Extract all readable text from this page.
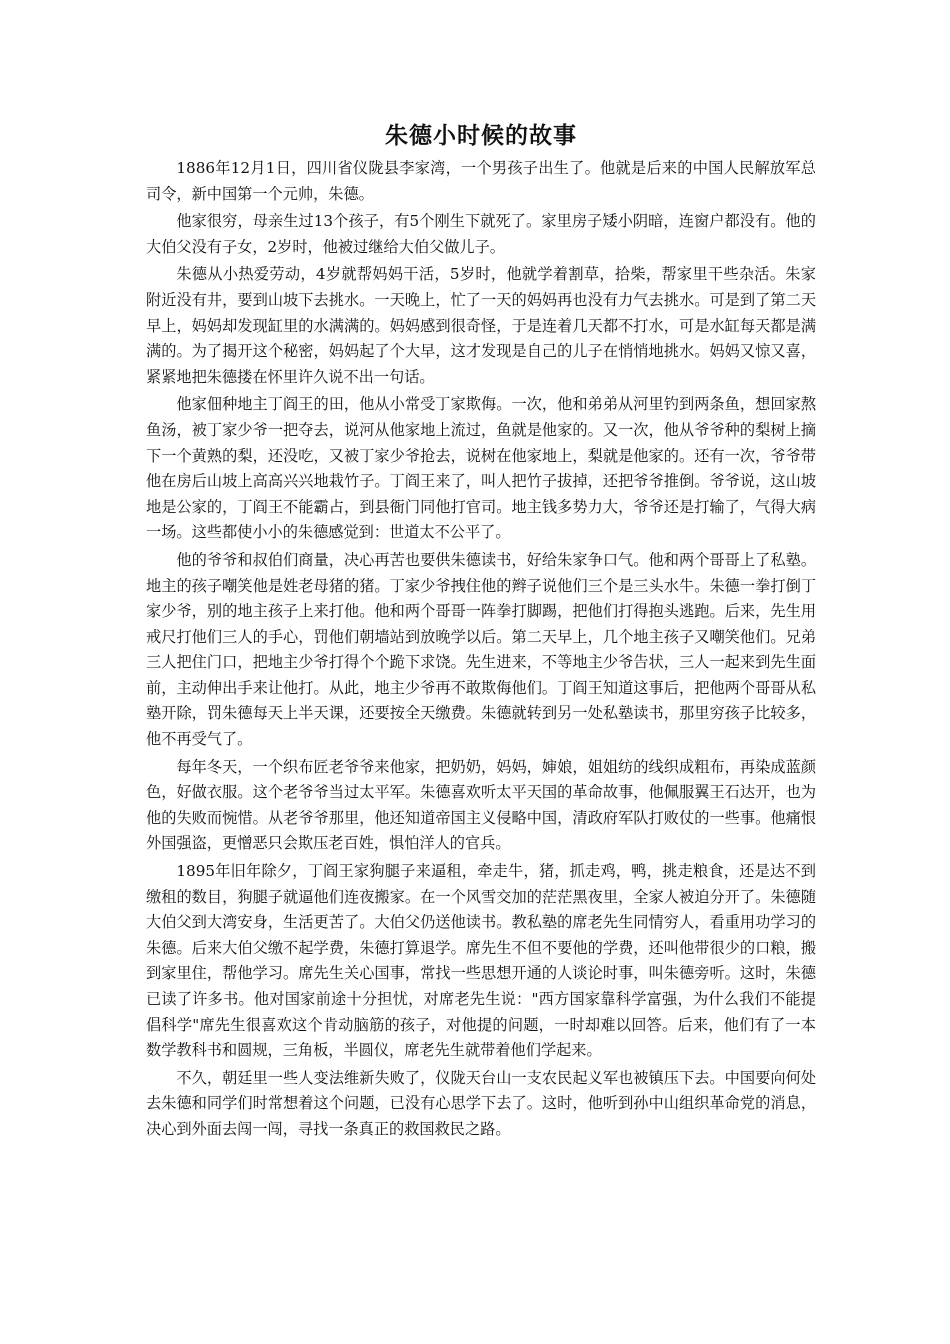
朱德小时候的故事

1886年12月1日，四川省仪陇县李家湾，一个男孩子出生了。他就是后来的中国人民解放军总司令，新中国第一个元帅，朱德。

他家很穷，母亲生过13个孩子，有5个刚生下就死了。家里房子矮小阴暗，连窗户都没有。他的大伯父没有子女，2岁时，他被过继给大伯父做儿子。

朱德从小热爱劳动，4岁就帮妈妈干活，5岁时，他就学着割草，拾柴，帮家里干些杂活。朱家附近没有井，要到山坡下去挑水。一天晚上，忙了一天的妈妈再也没有力气去挑水。可是到了第二天早上，妈妈却发现缸里的水满满的。妈妈感到很奇怪，于是连着几天都不打水，可是水缸每天都是满满的。为了揭开这个秘密，妈妈起了个大早，这才发现是自己的儿子在悄悄地挑水。妈妈又惊又喜，紧紧地把朱德搂在怀里许久说不出一句话。

他家佃种地主丁阎王的田，他从小常受丁家欺侮。一次，他和弟弟从河里钓到两条鱼，想回家熬鱼汤，被丁家少爷一把夺去，说河从他家地上流过，鱼就是他家的。又一次，他从爷爷种的梨树上摘下一个黄熟的梨，还没吃，又被丁家少爷抢去，说树在他家地上，梨就是他家的。还有一次，爷爷带他在房后山坡上高高兴兴地栽竹子。丁阎王来了，叫人把竹子拔掉，还把爷爷推倒。爷爷说，这山坡地是公家的，丁阎王不能霸占，到县衙门同他打官司。地主钱多势力大，爷爷还是打输了，气得大病一场。这些都使小小的朱德感觉到：世道太不公平了。

他的爷爷和叔伯们商量，决心再苦也要供朱德读书，好给朱家争口气。他和两个哥哥上了私塾。地主的孩子嘲笑他是姓老母猪的猪。丁家少爷拽住他的辫子说他们三个是三头水牛。朱德一拳打倒丁家少爷，别的地主孩子上来打他。他和两个哥哥一阵拳打脚踢，把他们打得抱头逃跑。后来，先生用戒尺打他们三人的手心，罚他们朝墙站到放晚学以后。第二天早上，几个地主孩子又嘲笑他们。兄弟三人把住门口，把地主少爷打得个个跪下求饶。先生进来，不等地主少爷告状，三人一起来到先生面前，主动伸出手来让他打。从此，地主少爷再不敢欺侮他们。丁阎王知道这事后，把他两个哥哥从私塾开除，罚朱德每天上半天课，还要按全天缴费。朱德就转到另一处私塾读书，那里穷孩子比较多，他不再受气了。

每年冬天，一个织布匠老爷爷来他家，把奶奶，妈妈，婶娘，姐姐纺的线织成粗布，再染成蓝颜色，好做衣服。这个老爷爷当过太平军。朱德喜欢听太平天国的革命故事，他佩服翼王石达开，也为他的失败而惋惜。从老爷爷那里，他还知道帝国主义侵略中国，清政府军队打败仗的一些事。他痛恨外国强盗，更憎恶只会欺压老百姓，惧怕洋人的官兵。

1895年旧年除夕，丁阎王家狗腿子来逼租，牵走牛，猪，抓走鸡，鸭，挑走粮食，还是达不到缴租的数目，狗腿子就逼他们连夜搬家。在一个风雪交加的茫茫黑夜里，全家人被迫分开了。朱德随大伯父到大湾安身，生活更苦了。大伯父仍送他读书。教私塾的席老先生同情穷人，看重用功学习的朱德。后来大伯父缴不起学费，朱德打算退学。席先生不但不要他的学费，还叫他带很少的口粮，搬到家里住，帮他学习。席先生关心国事，常找一些思想开通的人谈论时事，叫朱德旁听。这时，朱德已读了许多书。他对国家前途十分担忧，对席老先生说："西方国家靠科学富强，为什么我们不能提倡科学"席先生很喜欢这个肯动脑筋的孩子，对他提的问题，一时却难以回答。后来，他们有了一本数学教科书和圆规，三角板，半圆仪，席老先生就带着他们学起来。

不久，朝廷里一些人变法维新失败了，仪陇天台山一支农民起义军也被镇压下去。中国要向何处去朱德和同学们时常想着这个问题，已没有心思学下去了。这时，他听到孙中山组织革命党的消息，决心到外面去闯一闯，寻找一条真正的救国救民之路。
